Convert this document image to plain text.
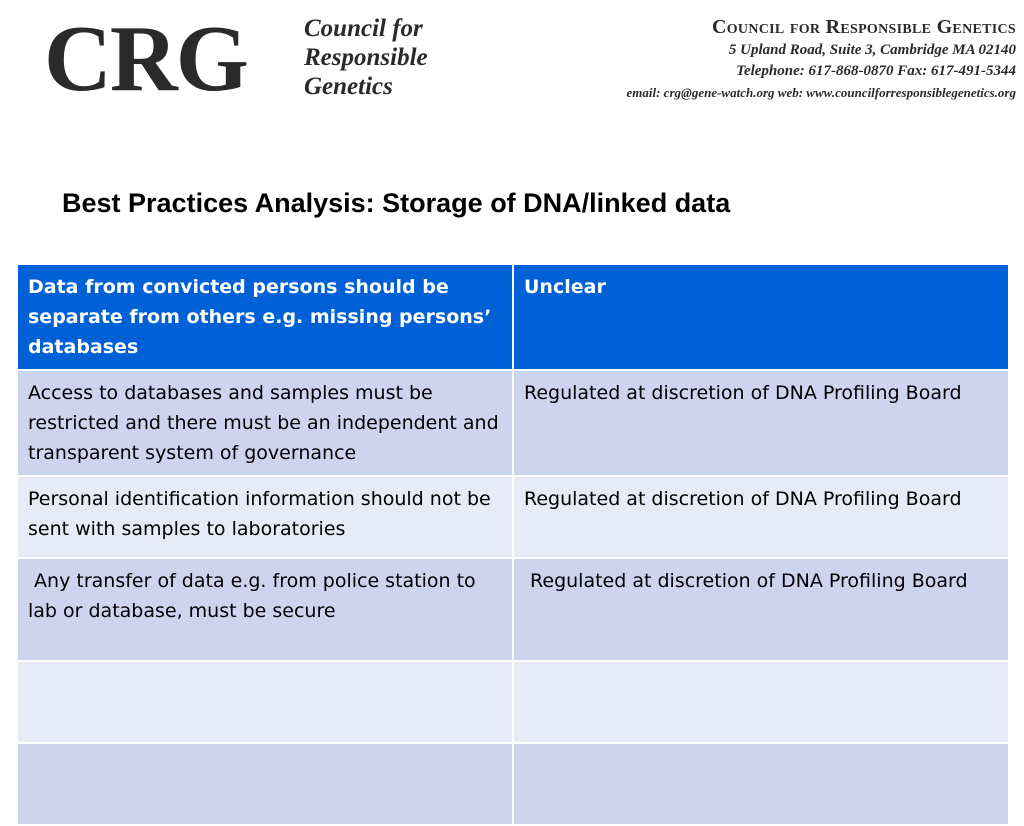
CRG Council for
Responsible
Genetics
Council for Responsible Genetics
5 Upland Road, Suite 3, Cambridge MA 02140
Telephone: 617-868-0870 Fax: 617-491-5344
email: crg@gene-watch.org web: www.councilforresponsiblegenetics.org
Best Practices Analysis: Storage of DNA/linked data
Data from convicted persons should be separate from others e.g. missing persons’ databases	Unclear
Access to databases and samples must be restricted and there must be an independent and transparent system of governance	Regulated at discretion of DNA Profiling Board
Personal identification information should not be sent with samples to laboratories	Regulated at discretion of DNA Profiling Board
Any transfer of data e.g. from police station to lab or database, must be secure	Regulated at discretion of DNA Profiling Board
